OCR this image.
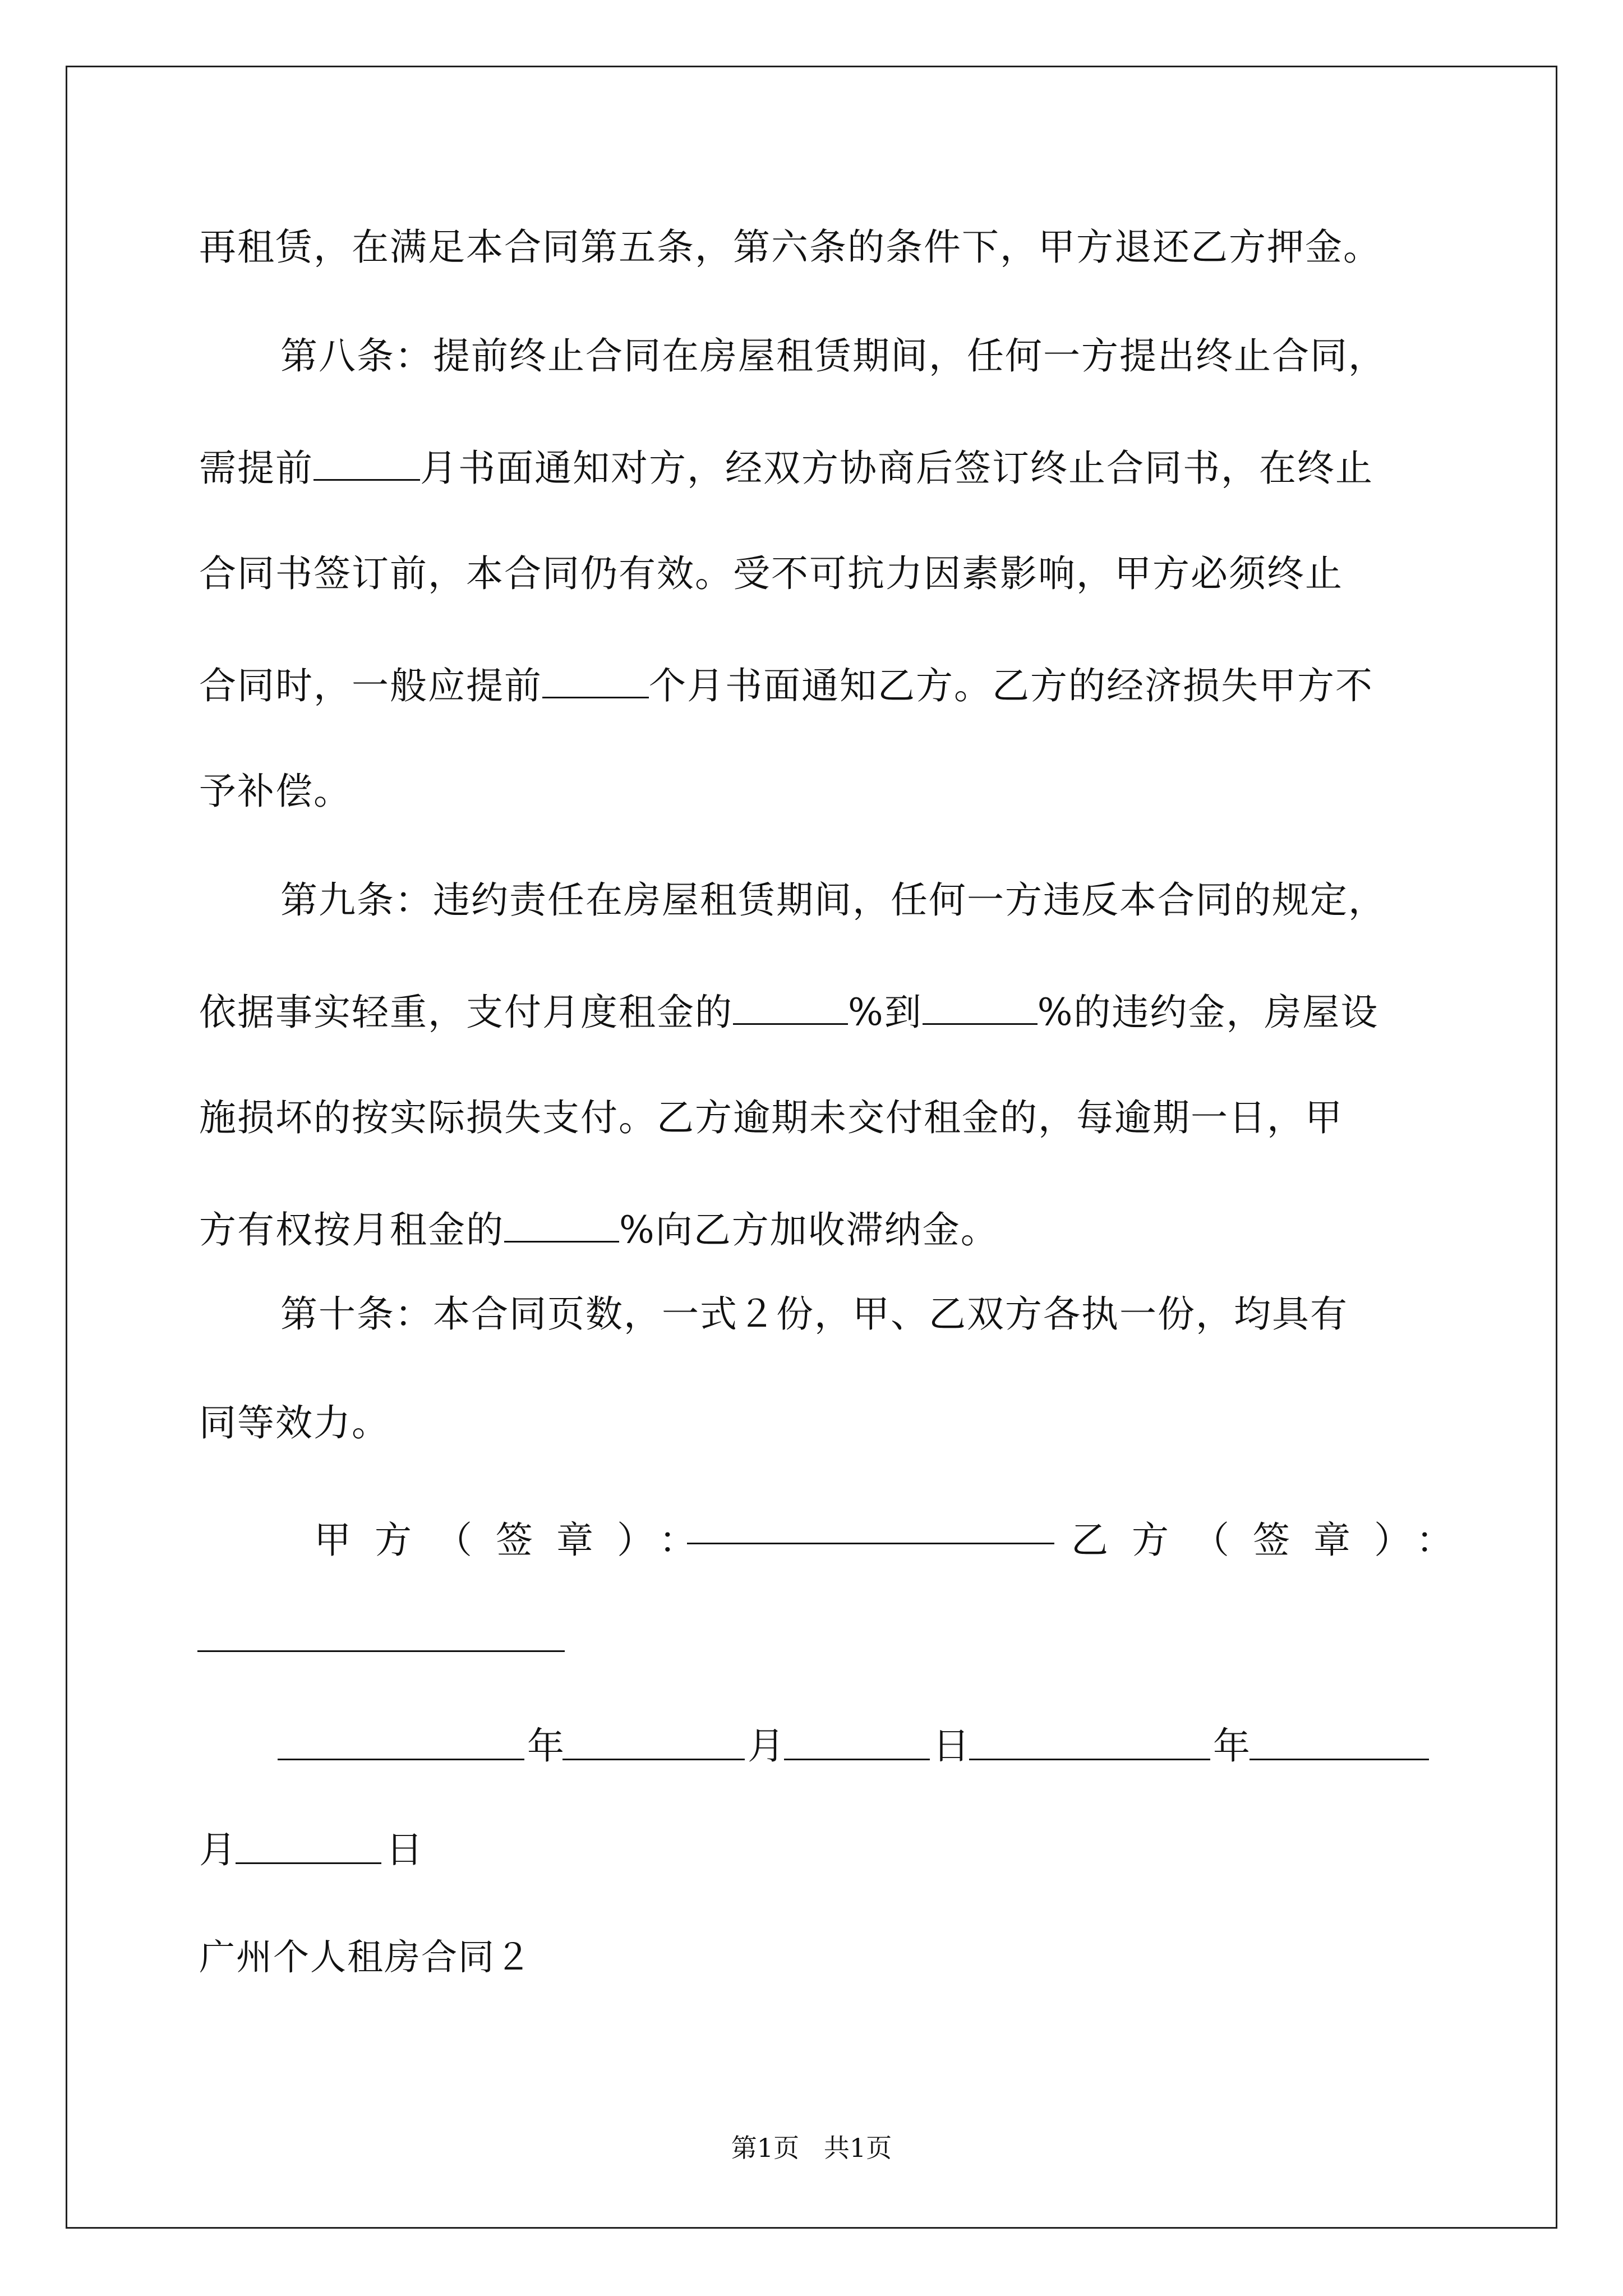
再租赁，在满足本合同第五条，第六条的条件下，甲方退还乙方押金。
第八条：提前终止合同在房屋租赁期间，任何一方提出终止合同，
需提前	月书面通知对方，经双方协商后签订终止合同书，在终止
合同书签订前，本合同仍有效。受不可抗力因素影响，甲方必须终止
合同时，一般应提前	个月书面通知乙方。乙方的经济损失甲方不
予补偿。
第九条：违约责任在房屋租赁期间，任何一方违反本合同的规定，
依据事实轻重，支付月度租金的	%到	%的违约金，房屋设
施损坏的按实际损失支付。乙方逾期未交付租金的，每逾期一日，甲
方有权按月租金的	%向乙方加收滞纳金。
第十条：本合同页数，一式２份，甲、乙双方各执一份，均具有
同等效力。
甲方（签章）：	乙方（签章）：
年	月	日	年
月	日
广州个人租房合同２
第1页   共1页
